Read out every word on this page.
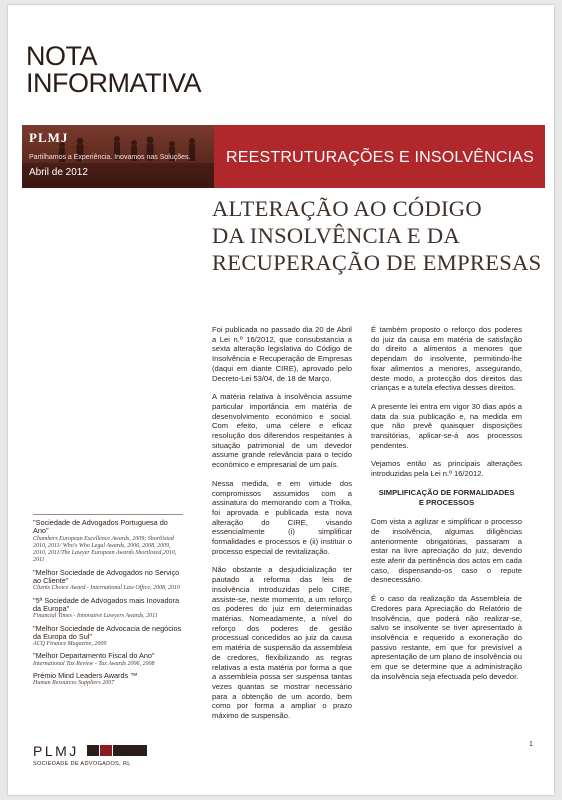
NOTA
INFORMATIVA
PLMJ
Partilhamos a Experiência. Inovamos nas Soluções.
Abril de 2012
REESTRUTURAÇÕES E INSOLVÊNCIAS
ALTERAÇÃO AO CÓDIGO
DA INSOLVÊNCIA E DA
RECUPERAÇÃO DE EMPRESAS
"Sociedade de Advogados Portuguesa do Ano"
Chambers European Excellence Awards, 2009; Shortlisted 2010, 2011/ Who's Who Legal Awards, 2006, 2008, 2009, 2010, 2011/The Lawyer European Awards Shortlisted,2010, 2011
"Melhor Sociedade de Advogados no Serviço ao Cliente"
Clients Choice Award - International Law Office, 2008, 2010
"5ª Sociedade de Advogados mais Inovadora da Europa"
Financial Times - Innovative Lawyers Awards, 2011
"Melhor Sociedade de Advocacia de negócios da Europa do Sul"
ACQ Finance Magazine, 2009
"Melhor Departamento Fiscal do Ano"
International Tax Review - Tax Awards 2006, 2008
Prémio Mind Leaders Awards ™
Human Resources Suppliers 2007
PLMJ
SOCIEDADE DE ADVOGADOS, RL

Foi publicada no passado dia 20 de Abril a Lei n.º 16/2012, que consubstancia a sexta alteração legislativa do Código de Insolvência e Recuperação de Empresas (daqui em diante CIRE), aprovado pelo Decreto-Lei 53/04, de 18 de Março.

A matéria relativa à insolvência assume particular importância em matéria de desenvolvimento económico e social. Com efeito, uma célere e eficaz resolução dos diferendos respeitantes à situação patrimonial de um devedor assume grande relevância para o tecido económico e empresarial de um país.

Nessa medida, e em virtude dos compromissos assumidos com a assinatura do memorando com a Troika, foi aprovada e publicada esta nova alteração do CIRE, visando essencialmente (i) simplificar formalidades e processos e (ii) instituir o processo especial de revitalização.

Não obstante a desjudicialização ter pautado a reforma das leis de insolvência introduzidas pelo CIRE, assiste-se, neste momento, a um reforço os poderes do juiz em determinadas matérias. Nomeadamente, a nível do reforço dos poderes de gestão processual concedidos ao juiz da causa em matéria de suspensão da assembleia de credores, flexibilizando as regras relativas a esta matéria por forma a que a assembleia possa ser suspensa tantas vezes quantas se mostrar necessário para a obtenção de um acordo, bem como por forma a ampliar o prazo máximo de suspensão.

É também proposto o reforço dos poderes do juiz da causa em matéria de satisfação do direito a alimentos a menores que dependam do insolvente, permitindo-lhe fixar alimentos a menores, assegurando, deste modo, a protecção dos direitos das crianças e a tutela efectiva desses direitos.

A presente lei entra em vigor 30 dias após a data da sua publicação e, na medida em que não prevê quaisquer disposições transitórias, aplicar-se-á aos processos pendentes.

Vejamos então as principais alterações introduzidas pela Lei n.º 16/2012.

SIMPLIFICAÇÃO DE FORMALIDADES
E PROCESSOS

Com vista a agilizar e simplificar o processo de insolvência, algumas diligências anteriormente obrigatórias, passaram a estar na livre apreciação do juiz, devendo este aferir da pertinência dos actos em cada caso, dispensando-os caso o repute desnecessário.

É o caso da realização da Assembleia de Credores para Apreciação do Relatório de Insolvência, que poderá não realizar-se, salvo se insolvente se tiver apresentado à insolvência e requerido a exoneração do passivo restante, em que for previsível a apresentação de um plano de insolvência ou em que se determine que a administração da insolvência seja efectuada pelo devedor.

1
